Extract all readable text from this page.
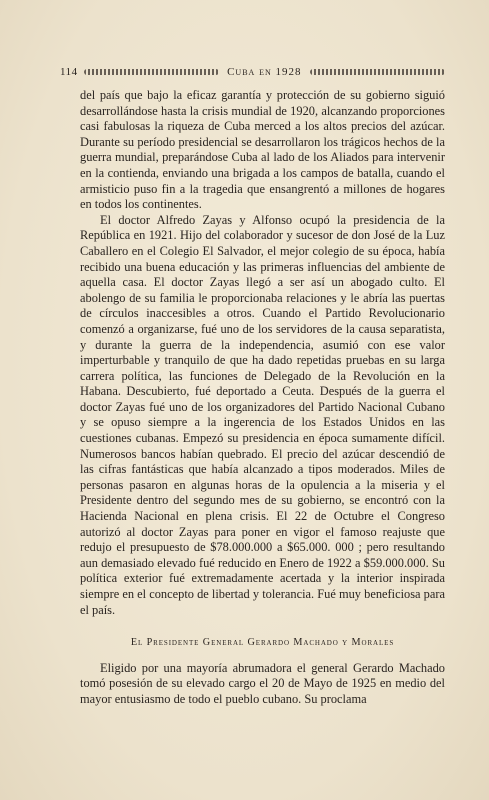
114	Cuba en 1928

del país que bajo la eficaz garantía y protección de su gobierno siguió desarrollándose hasta la crisis mundial de 1920, alcanzando proporciones casi fabulosas la riqueza de Cuba merced a los altos precios del azúcar. Durante su período presidencial se desarrollaron los trágicos hechos de la guerra mundial, preparándose Cuba al lado de los Aliados para intervenir en la contienda, enviando una brigada a los campos de batalla, cuando el armisticio puso fin a la tragedia que ensangrentó a millones de hogares en todos los continentes.

El doctor Alfredo Zayas y Alfonso ocupó la presidencia de la República en 1921. Hijo del colaborador y sucesor de don José de la Luz Caballero en el Colegio El Salvador, el mejor colegio de su época, había recibido una buena educación y las primeras influencias del ambiente de aquella casa. El doctor Zayas llegó a ser así un abogado culto. El abolengo de su familia le proporcionaba relaciones y le abría las puertas de círculos inaccesibles a otros. Cuando el Partido Revolucionario comenzó a organizarse, fué uno de los servidores de la causa separatista, y durante la guerra de la independencia, asumió con ese valor imperturbable y tranquilo de que ha dado repetidas pruebas en su larga carrera política, las funciones de Delegado de la Revolución en la Habana. Descubierto, fué deportado a Ceuta. Después de la guerra el doctor Zayas fué uno de los organizadores del Partido Nacional Cubano y se opuso siempre a la ingerencia de los Estados Unidos en las cuestiones cubanas. Empezó su presidencia en época sumamente difícil. Numerosos bancos habían quebrado. El precio del azúcar descendió de las cifras fantásticas que había alcanzado a tipos moderados. Miles de personas pasaron en algunas horas de la opulencia a la miseria y el Presidente dentro del segundo mes de su gobierno, se encontró con la Hacienda Nacional en plena crisis. El 22 de Octubre el Congreso autorizó al doctor Zayas para poner en vigor el famoso reajuste que redujo el presupuesto de $78.000.000 a $65.000. 000 ; pero resultando aun demasiado elevado fué reducido en Enero de 1922 a $59.000.000. Su política exterior fué extremadamente acertada y la interior inspirada siempre en el concepto de libertad y tolerancia. Fué muy beneficiosa para el país.

El Presidente General Gerardo Machado y Morales

Eligido por una mayoría abrumadora el general Gerardo Machado tomó posesión de su elevado cargo el 20 de Mayo de 1925 en medio del mayor entusiasmo de todo el pueblo cubano. Su proclama
